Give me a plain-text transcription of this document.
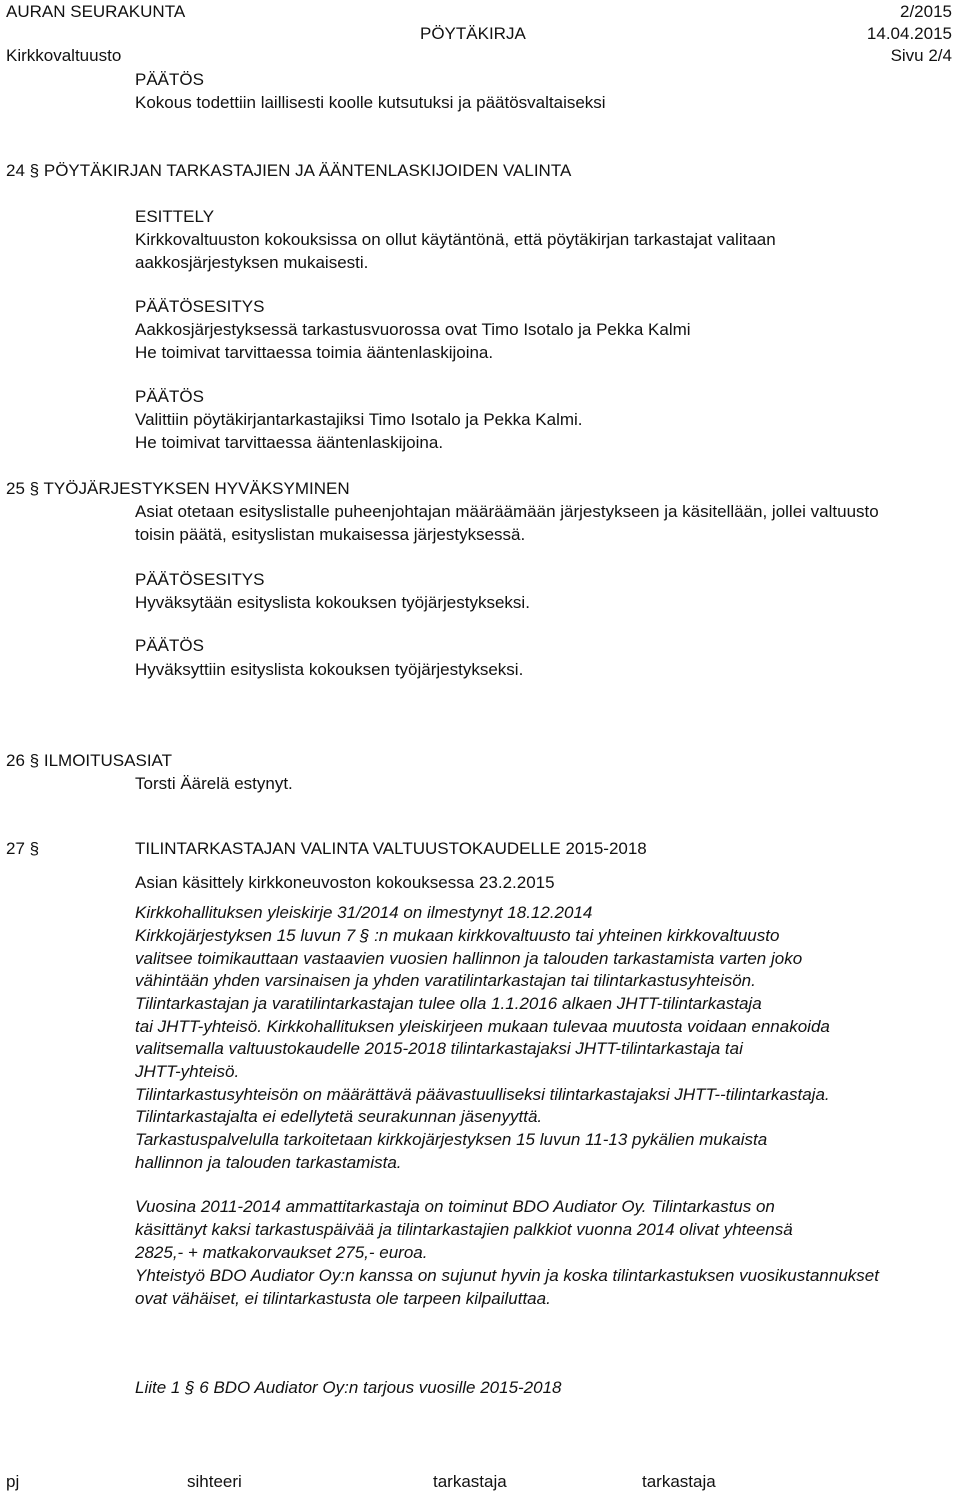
AURAN SEURAKUNTA
PÖYTÄKIRJA
2/2015
Kirkkovaltuusto
14.04.2015
Sivu 2/4
PÄÄTÖS
Kokous todettiin laillisesti koolle kutsutuksi ja päätösvaltaiseksi
24 § PÖYTÄKIRJAN TARKASTAJIEN JA ÄÄNTENLASKIJOIDEN VALINTA
ESITTELY
Kirkkovaltuuston kokouksissa on ollut käytäntönä, että pöytäkirjan tarkastajat valitaan
aakkosjärjestyksen mukaisesti.
PÄÄTÖSESITYS
Aakkosjärjestyksessä tarkastusvuorossa ovat Timo Isotalo ja Pekka Kalmi
He toimivat tarvittaessa toimia ääntenlaskijoina.
PÄÄTÖS
Valittiin pöytäkirjantarkastajiksi Timo Isotalo ja Pekka Kalmi.
He toimivat tarvittaessa ääntenlaskijoina.
25 § TYÖJÄRJESTYKSEN HYVÄKSYMINEN
Asiat otetaan esityslistalle puheenjohtajan määräämään järjestykseen ja käsitellään, jollei valtuusto
toisin päätä, esityslistan mukaisessa järjestyksessä.
PÄÄTÖSESITYS
Hyväksytään esityslista kokouksen työjärjestykseksi.
PÄÄTÖS
Hyväksyttiin esityslista kokouksen työjärjestykseksi.
26 § ILMOITUSASIAT
Torsti Äärelä estynyt.
27 §	TILINTARKASTAJAN VALINTA VALTUUSTOKAUDELLE 2015-2018
Asian käsittely kirkkoneuvoston kokouksessa 23.2.2015
Kirkkohallituksen yleiskirje 31/2014 on ilmestynyt 18.12.2014
Kirkkojärjestyksen 15 luvun 7 § :n mukaan kirkkovaltuusto tai yhteinen kirkkovaltuusto
valitsee toimikauttaan vastaavien vuosien hallinnon ja talouden tarkastamista varten joko
vähintään yhden varsinaisen ja yhden varatilintarkastajan tai tilintarkastusyhteisön.
Tilintarkastajan ja varatilintarkastajan tulee olla 1.1.2016 alkaen JHTT-tilintarkastaja
tai JHTT-yhteisö. Kirkkohallituksen yleiskirjeen mukaan tulevaa muutosta voidaan ennakoida
valitsemalla valtuustokaudelle 2015-2018 tilintarkastajaksi JHTT-tilintarkastaja tai
JHTT-yhteisö.
Tilintarkastusyhteisön on määrättävä päävastuulliseksi tilintarkastajaksi JHTT--tilintarkastaja.
Tilintarkastajalta ei edellytetä seurakunnan jäsenyyttä.
Tarkastuspalvelulla tarkoitetaan kirkkojärjestyksen 15 luvun 11-13 pykälien mukaista
hallinnon ja talouden tarkastamista.
Vuosina 2011-2014 ammattitarkastaja on toiminut BDO Audiator Oy. Tilintarkastus on
käsittänyt kaksi tarkastuspäivää ja tilintarkastajien palkkiot vuonna 2014 olivat yhteensä
2825,- + matkakorvaukset 275,- euroa.
Yhteistyö BDO Audiator Oy:n kanssa on sujunut hyvin ja koska tilintarkastuksen vuosikustannukset
ovat vähäiset, ei tilintarkastusta ole tarpeen kilpailuttaa.
Liite 1 § 6 BDO Audiator Oy:n tarjous vuosille 2015-2018
pj	sihteeri	tarkastaja	tarkastaja
